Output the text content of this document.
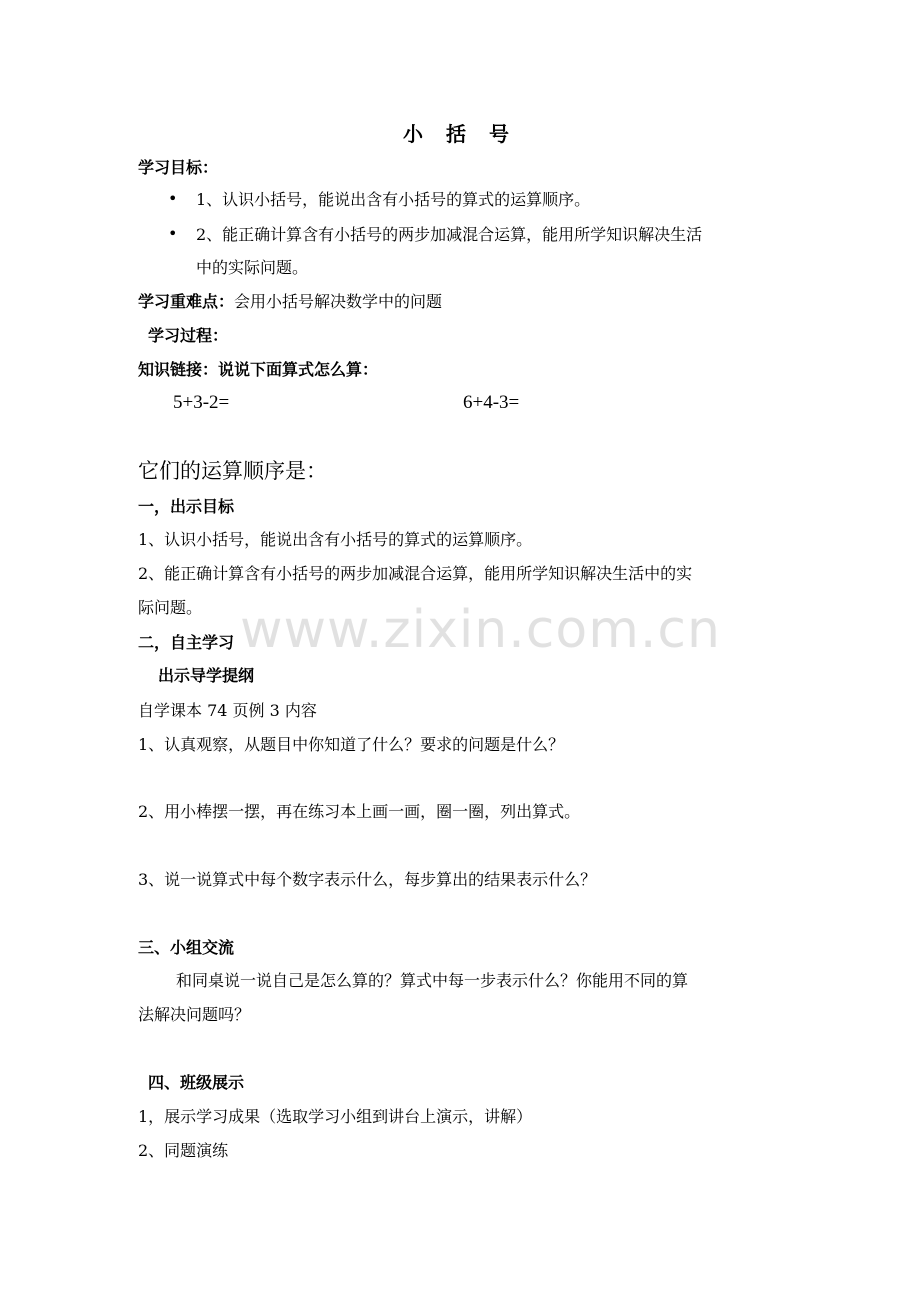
小 括 号
学习目标：
• 1、认识小括号，能说出含有小括号的算式的运算顺序。
• 2、能正确计算含有小括号的两步加减混合运算，能用所学知识解决生活
中的实际问题。
学习重难点：会用小括号解决数学中的问题
学习过程：
知识链接：说说下面算式怎么算：
5+3-2=	6+4-3=
它们的运算顺序是：
一，出示目标
1、认识小括号，能说出含有小括号的算式的运算顺序。
2、能正确计算含有小括号的两步加减混合运算，能用所学知识解决生活中的实
际问题。
二，自主学习
出示导学提纲
自学课本 74 页例 3 内容
1、认真观察，从题目中你知道了什么？要求的问题是什么？
2、用小棒摆一摆，再在练习本上画一画，圈一圈，列出算式。
3、说一说算式中每个数字表示什么，每步算出的结果表示什么？
三、小组交流
和同桌说一说自己是怎么算的？算式中每一步表示什么？你能用不同的算
法解决问题吗？
四、班级展示
1，展示学习成果（选取学习小组到讲台上演示，讲解）
2、同题演练
www.zixin.com.cn
